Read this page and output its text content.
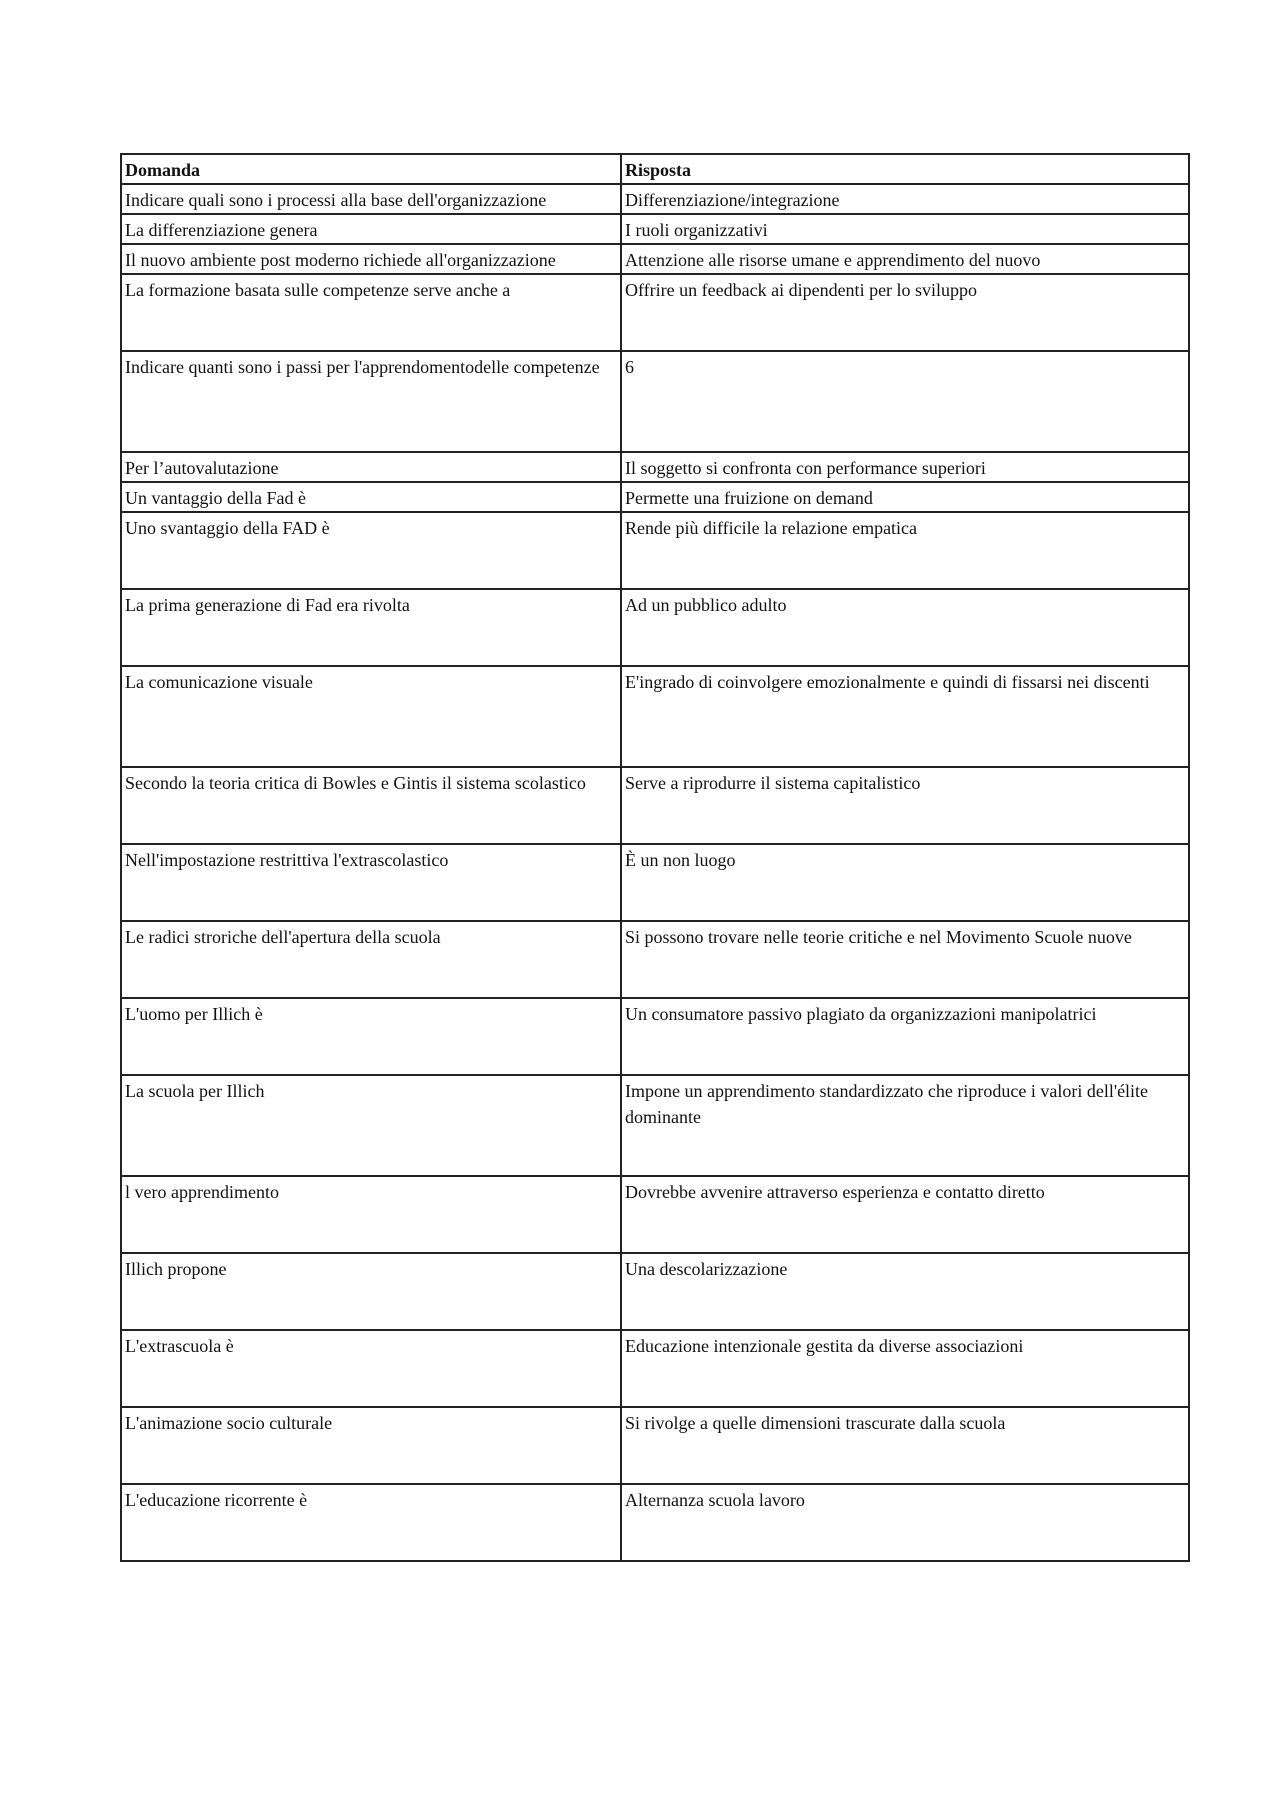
Domanda	Risposta
Indicare quali sono i processi alla base dell'organizzazione	Differenziazione/integrazione
La differenziazione genera	I ruoli organizzativi
Il nuovo ambiente post moderno richiede all'organizzazione	Attenzione alle risorse umane e apprendimento del nuovo
La formazione basata sulle competenze serve anche a	Offrire un feedback ai dipendenti per lo sviluppo
Indicare quanti sono i passi per l'apprendomentodelle competenze	6
Per l’autovalutazione	Il soggetto si confronta con performance superiori
Un vantaggio della Fad è	Permette una fruizione on demand
Uno svantaggio della FAD è	Rende più difficile la relazione empatica
La prima generazione di Fad era rivolta	Ad un pubblico adulto
La comunicazione visuale	E'ingrado di coinvolgere emozionalmente e quindi di fissarsi nei discenti
Secondo la teoria critica di Bowles e Gintis il sistema scolastico	Serve a riprodurre il sistema capitalistico
Nell'impostazione restrittiva l'extrascolastico	È un non luogo
Le radici stroriche dell'apertura della scuola	Si possono trovare nelle teorie critiche e nel Movimento Scuole nuove
L'uomo per Illich è	Un consumatore passivo plagiato da organizzazioni manipolatrici
La scuola per Illich	Impone un apprendimento standardizzato che riproduce i valori dell'élite dominante
l vero apprendimento	Dovrebbe avvenire attraverso esperienza e contatto diretto
Illich propone	Una descolarizzazione
L'extrascuola è	Educazione intenzionale gestita da diverse associazioni
L'animazione socio culturale	Si rivolge a quelle dimensioni trascurate dalla scuola
L'educazione ricorrente è	Alternanza scuola lavoro
